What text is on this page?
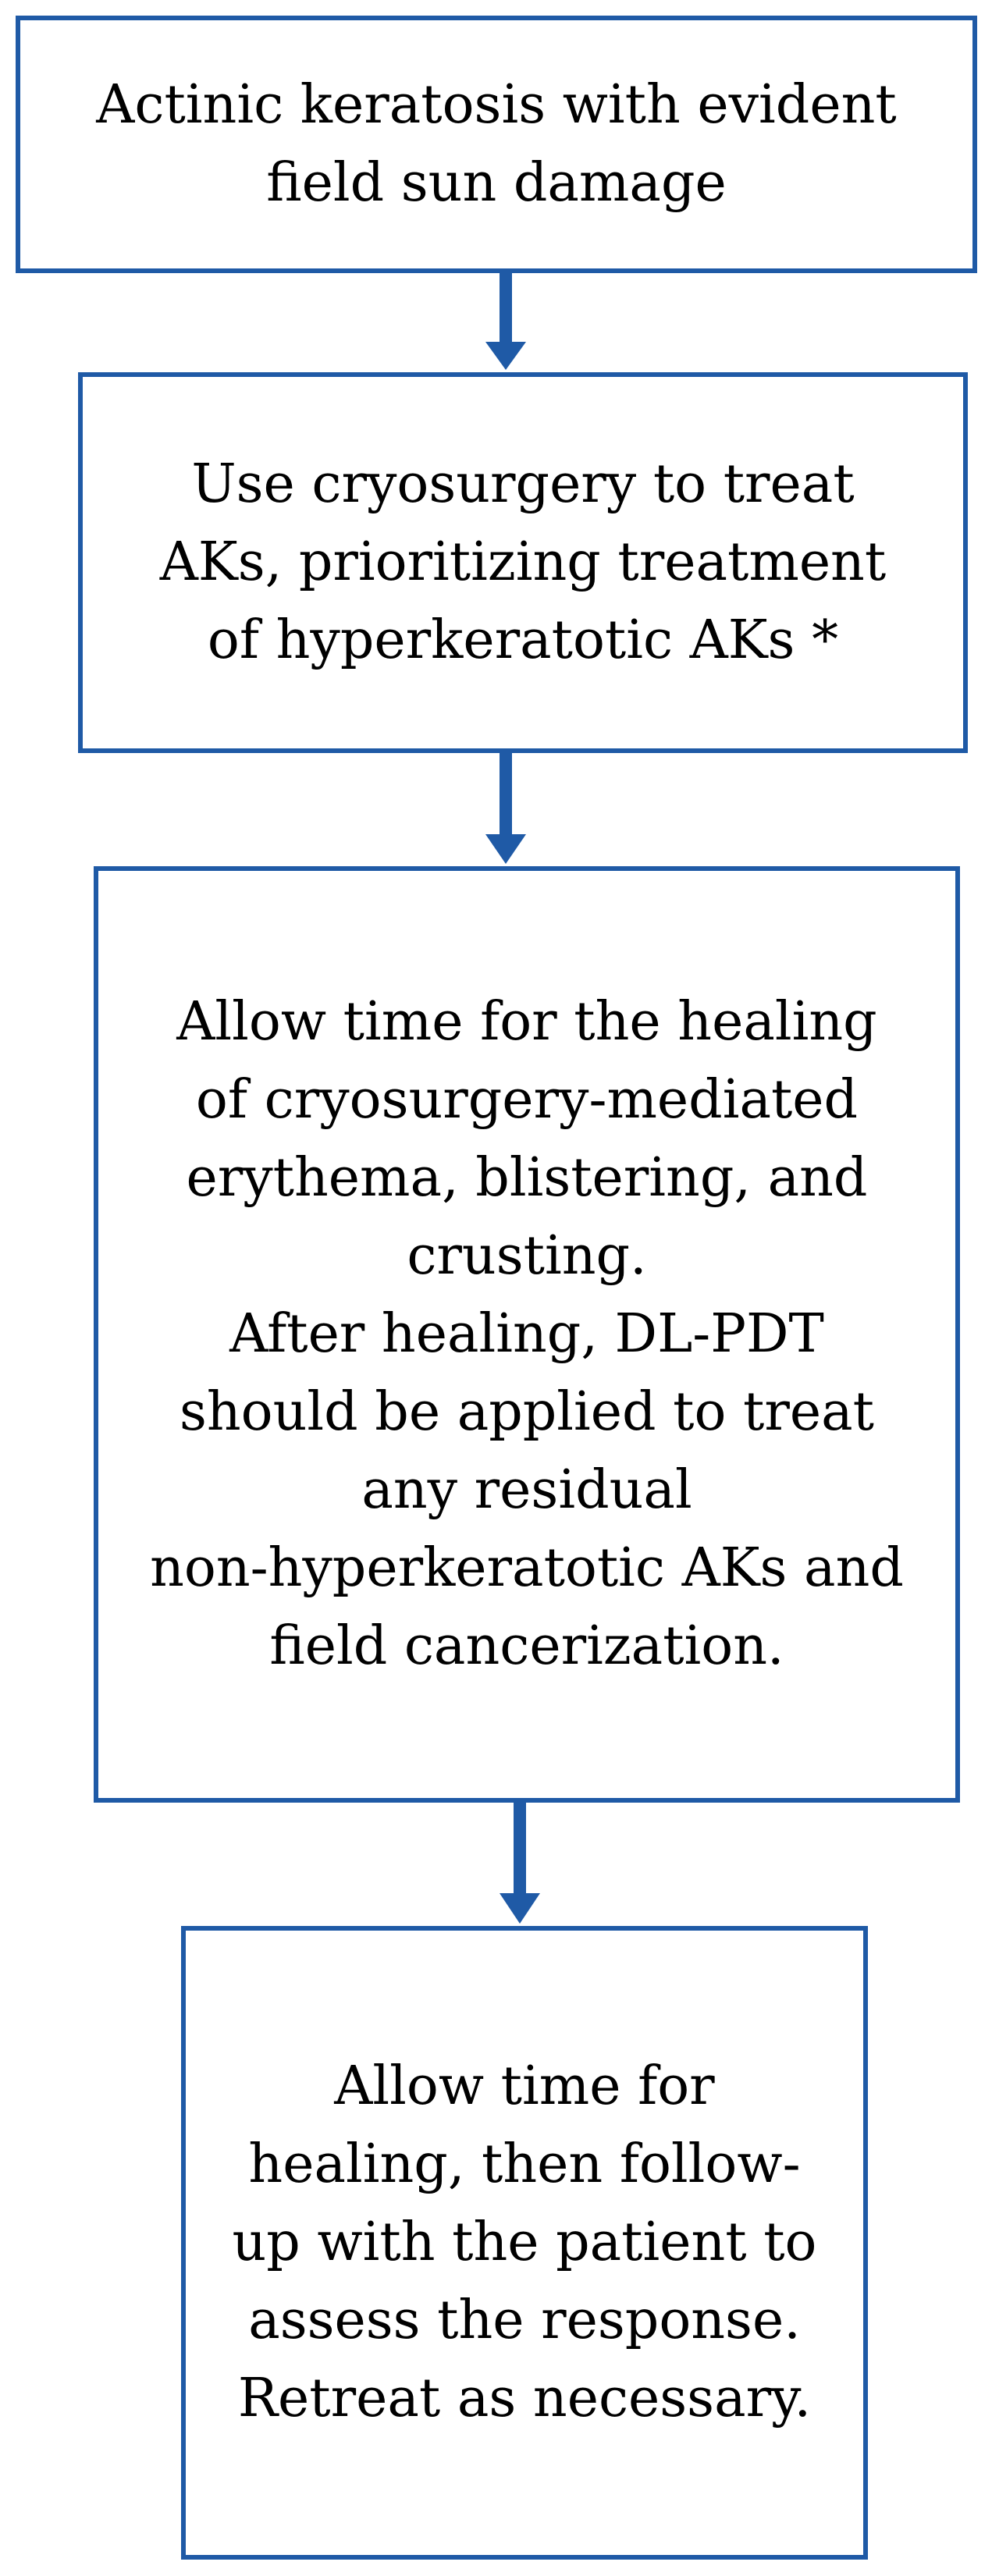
Actinic keratosis with evident
field sun damage
Use cryosurgery to treat
AKs, prioritizing treatment
of hyperkeratotic AKs *
Allow time for the healing
of cryosurgery-mediated
erythema, blistering, and
crusting.
After healing, DL-PDT
should be applied to treat
any residual
non-hyperkeratotic AKs and
field cancerization.
Allow time for
healing, then follow-
up with the patient to
assess the response.
Retreat as necessary.
